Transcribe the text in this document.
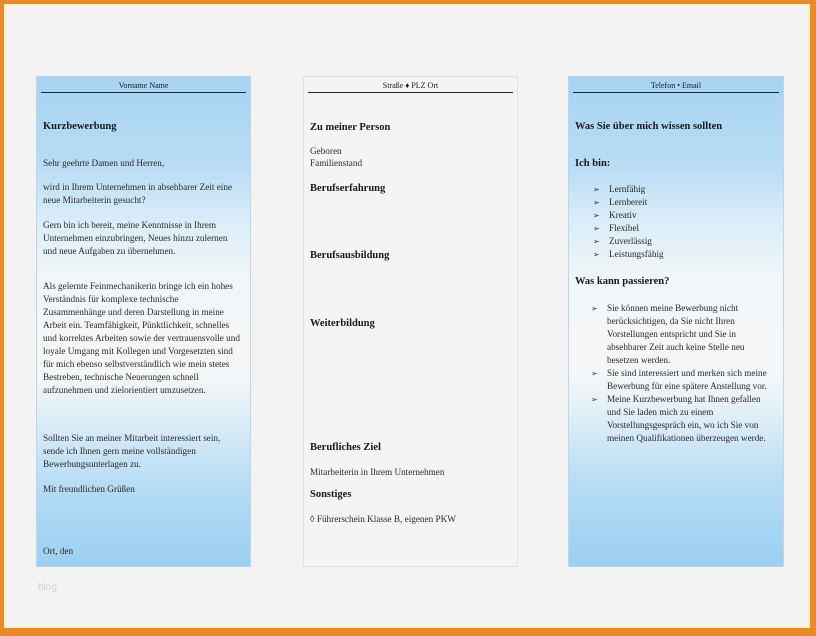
Vorname Name

Kurzbewerbung

Sehr geehrte Damen und Herren,

wird in Ihrem Unternehmen in absehbarer Zeit eine neue Mitarbeiterin gesucht?

Gern bin ich bereit, meine Kenntnisse in Ihrem Unternehmen einzubringen, Neues hinzu zulernen und neue Aufgaben zu übernehmen.

Als gelernte Feinmechanikerin bringe ich ein hohes Verständnis für komplexe technische Zusammenhänge und deren Darstellung in meine Arbeit ein. Teamfähigkeit, Pünktlichkeit, schnelles und korrektes Arbeiten sowie der vertrauensvolle und loyale Umgang mit Kollegen und Vorgesetzten sind für mich ebenso selbstverständlich wie mein stetes Bestreben, technische Neuerungen schnell aufzunehmen und zielorientiert umzusetzen.

Sollten Sie an meiner Mitarbeit interessiert sein, sende ich Ihnen gern meine vollständigen Bewerbungsunterlagen zu.

Mit freundlichen Grüßen

Ort, den

Straße ♦ PLZ Ort

Zu meiner Person

Geboren

Familienstand

Berufserfahrung

Berufsausbildung

Weiterbildung

Berufliches Ziel

Mitarbeiterin in Ihrem Unternehmen

Sonstiges

◊ Führerschein Klasse B, eigenen PKW

Telefon • Email

Was Sie über mich wissen sollten

Ich bin:

➢ Lernfähig
➢ Lernbereit
➢ Kreativ
➢ Flexibel
➢ Zuverlässig
➢ Leistungsfähig

Was kann passieren?

➢ Sie können meine Bewerbung nicht berücksichtigen, da Sie nicht Ihren Vorstellungen entspricht und Sie in absehbarer Zeit auch keine Stelle neu besetzen werden.
➢ Sie sind interessiert und merken sich meine Bewerbung für eine spätere Anstellung vor.
➢ Meine Kurzbewerbung hat Ihnen gefallen und Sie laden mich zu einem Vorstellungsgespräch ein, wo ich Sie von meinen Qualifikationen überzeugen werde.
blog
